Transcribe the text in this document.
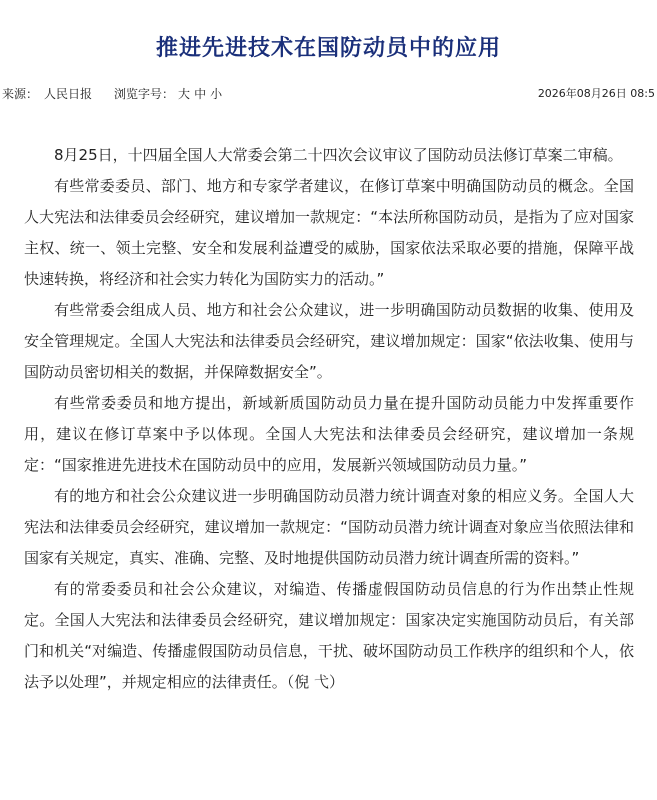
推进先进技术在国防动员中的应用
来源： 人民日报 浏览字号： 大 中 小	2026年08月26日 08:5

8月25日，十四届全国人大常委会第二十四次会议审议了国防动员法修订草案二审稿。

有些常委委员、部门、地方和专家学者建议，在修订草案中明确国防动员的概念。全国人大宪法和法律委员会经研究，建议增加一款规定：“本法所称国防动员，是指为了应对国家主权、统一、领土完整、安全和发展利益遭受的威胁，国家依法采取必要的措施，保障平战快速转换，将经济和社会实力转化为国防实力的活动。”

有些常委会组成人员、地方和社会公众建议，进一步明确国防动员数据的收集、使用及安全管理规定。全国人大宪法和法律委员会经研究，建议增加规定：国家“依法收集、使用与国防动员密切相关的数据，并保障数据安全”。

有些常委委员和地方提出，新域新质国防动员力量在提升国防动员能力中发挥重要作用，建议在修订草案中予以体现。全国人大宪法和法律委员会经研究，建议增加一条规定：“国家推进先进技术在国防动员中的应用，发展新兴领域国防动员力量。”

有的地方和社会公众建议进一步明确国防动员潜力统计调查对象的相应义务。全国人大宪法和法律委员会经研究，建议增加一款规定：“国防动员潜力统计调查对象应当依照法律和国家有关规定，真实、准确、完整、及时地提供国防动员潜力统计调查所需的资料。”

有的常委委员和社会公众建议，对编造、传播虚假国防动员信息的行为作出禁止性规定。全国人大宪法和法律委员会经研究，建议增加规定：国家决定实施国防动员后，有关部门和机关“对编造、传播虚假国防动员信息，干扰、破坏国防动员工作秩序的组织和个人，依法予以处理”，并规定相应的法律责任。（倪 弋）
